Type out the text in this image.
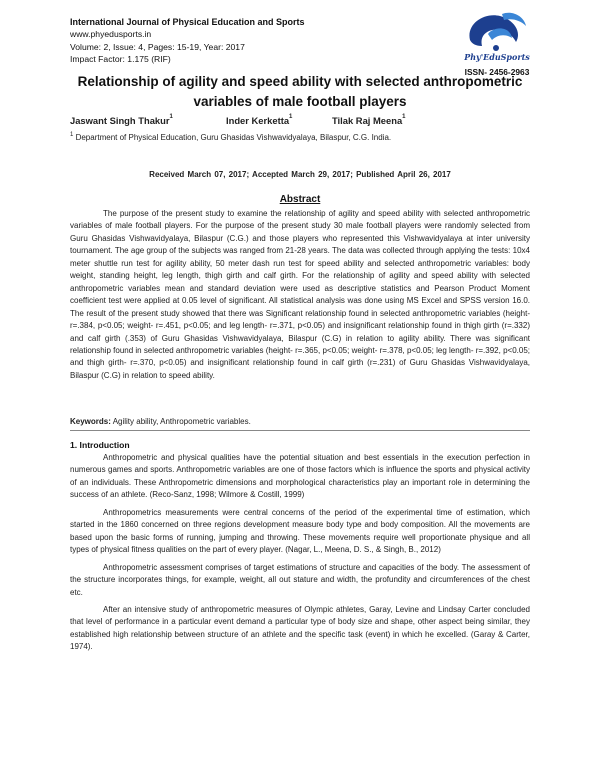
International Journal of Physical Education and Sports
www.phyedusports.in
Volume: 2, Issue: 4, Pages: 15-19, Year: 2017
Impact Factor: 1.175 (RIF)	Phy'EduSports
ISSN- 2456-2963
Relationship of agility and speed ability with selected anthropometric
variables of male football players
Jaswant Singh Thakur$^1$	Inder Kerketta$^1$	Tilak Raj Meena$^1$
$^1$ Department of Physical Education, Guru Ghasidas Vishwavidyalaya, Bilaspur, C.G. India.
Received March 07, 2017; Accepted March 29, 2017; Published April 26, 2017
Abstract

The purpose of the present study to examine the relationship of agility and speed ability with selected anthropometric variables of male football players. For the purpose of the present study 30 male football players were randomly selected from Guru Ghasidas Vishwavidyalaya, Bilaspur (C.G.) and those players who represented this Vishwavidyalaya at inter university tournament. The age group of the subjects was ranged from 21-28 years. The data was collected through applying the tests: 10x4 meter shuttle run test for agility ability, 50 meter dash run test for speed ability and selected anthropometric variables: body weight, standing height, leg length, thigh girth and calf girth. For the relationship of agility and speed ability with selected anthropometric variables mean and standard deviation were used as descriptive statistics and Pearson Product Moment coefficient test were applied at 0.05 level of significant. All statistical analysis was done using MS Excel and SPSS version 16.0. The result of the present study showed that there was Significant relationship found in selected anthropometric variables (height- r=.384, p<0.05; weight- r=.451, p<0.05; and leg length- r=.371, p<0.05) and insignificant relationship found in thigh girth (r=.332) and calf girth (.353) of Guru Ghasidas Vishwavidyalaya, Bilaspur (C.G) in relation to agility ability. There was significant relationship found in selected anthropometric variables (height- r=.365, p<0.05; weight- r=.378, p<0.05; leg length- r=.392, p<0.05; and thigh girth- r=.370, p<0.05) and insignificant relationship found in calf girth (r=.231) of Guru Ghasidas Vishwavidyalaya, Bilaspur (C.G) in relation to speed ability.

Keywords: Agility ability, Anthropometric variables.
1. Introduction

Anthropometric and physical qualities have the potential situation and best essentials in the execution perfection in numerous games and sports. Anthropometric variables are one of those factors which is influence the sports and physical activity of an individuals. These Anthropometric dimensions and morphological characteristics play an important role in determining the success of an athlete. (Reco-Sanz, 1998; Wilmore & Costill, 1999)

Anthropometrics measurements were central concerns of the period of the experimental time of estimation, which started in the 1860 concerned on three regions development measure body type and body composition. All the movements are based upon the basic forms of running, jumping and throwing. These movements require well proportionate physique and all types of physical fitness qualities on the part of every player. (Nagar, L., Meena, D. S., & Singh, B., 2012)

Anthropometric assessment comprises of target estimations of structure and capacities of the body. The assessment of the structure incorporates things, for example, weight, all out stature and width, the profundity and circumferences of the chest etc.

After an intensive study of anthropometric measures of Olympic athletes, Garay, Levine and Lindsay Carter concluded that level of performance in a particular event demand a particular type of body size and shape, other aspect being similar, they established high relationship between structure of an athlete and the specific task (event) in which he excelled. (Garay & Carter, 1974).
